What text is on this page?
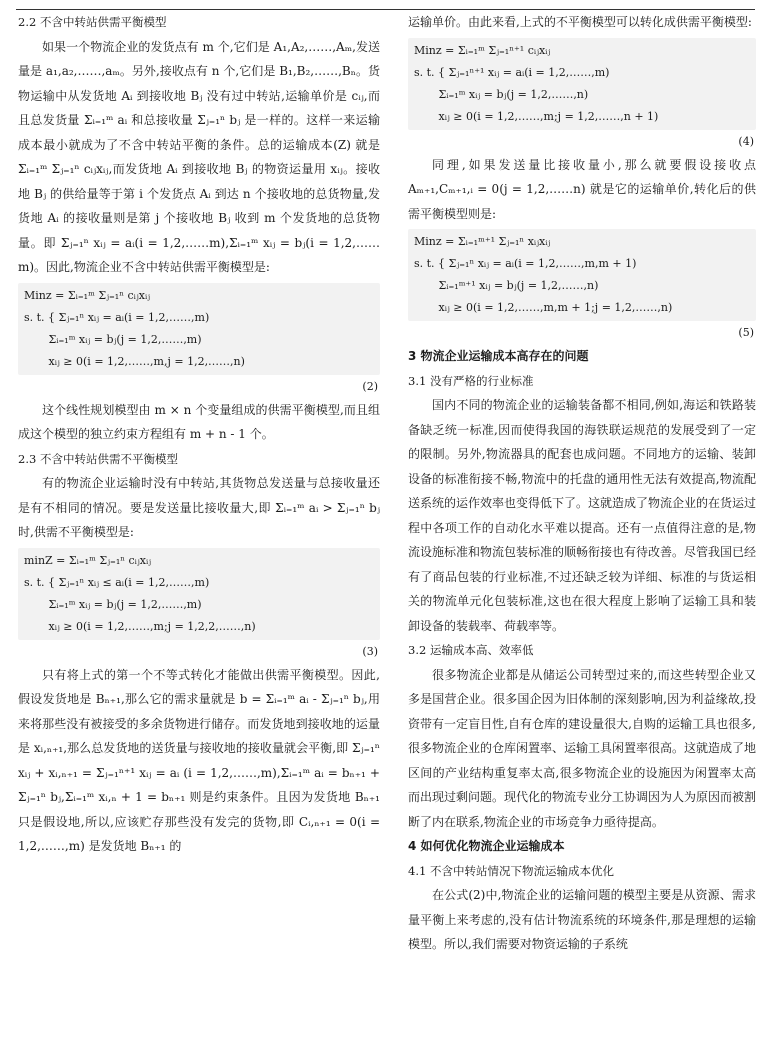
2.2 不含中转站供需平衡模型

如果一个物流企业的发货点有 m 个,它们是 A₁,A₂,……,Aₘ,发送量是 a₁,a₂,……,aₘ。另外,接收点有 n 个,它们是 B₁,B₂,……,Bₙ。货物运输中从发货地 Aᵢ 到接收地 Bⱼ 没有过中转站,运输单价是 cᵢⱼ,而且总发货量 Σᵢ₌₁ᵐ aᵢ 和总接收量 Σⱼ₌₁ⁿ bⱼ 是一样的。这样一来运输成本最小就成为了不含中转站平衡的条件。总的运输成本(Z) 就是 Σᵢ₌₁ᵐ Σⱼ₌₁ⁿ cᵢⱼxᵢⱼ,而发货地 Aᵢ 到接收地 Bⱼ 的物资运量用 xᵢⱼ。接收地 Bⱼ 的供给量等于第 i 个发货点 Aᵢ 到达 n 个接收地的总货物量,发货地 Aᵢ 的接收量则是第 j 个接收地 Bⱼ 收到 m 个发货地的总货物量。即 Σⱼ₌₁ⁿ xᵢⱼ = aᵢ(i = 1,2,……m),Σᵢ₌₁ᵐ xᵢⱼ = bⱼ(i = 1,2,……m)。因此,物流企业不含中转站供需平衡模型是:

Minz = Σᵢ₌₁ᵐ Σⱼ₌₁ⁿ cᵢⱼxᵢⱼ
s. t. { Σⱼ₌₁ⁿ xᵢⱼ = aᵢ(i = 1,2,……,m)
Σᵢ₌₁ᵐ xᵢⱼ = bⱼ(j = 1,2,……,m)
xᵢⱼ ≥ 0(i = 1,2,……,m,j = 1,2,……,n)
(2)

这个线性规划模型由 m × n 个变量组成的供需平衡模型,而且组成这个模型的独立约束方程组有 m + n - 1 个。

2.3 不含中转站供需不平衡模型

有的物流企业运输时没有中转站,其货物总发送量与总接收量还是有不相同的情况。要是发送量比接收量大,即 Σᵢ₌₁ᵐ aᵢ > Σⱼ₌₁ⁿ bⱼ 时,供需不平衡模型是:

minZ = Σᵢ₌₁ᵐ Σⱼ₌₁ⁿ cᵢⱼxᵢⱼ
s. t. { Σⱼ₌₁ⁿ xᵢⱼ ≤ aᵢ(i = 1,2,……,m)
Σᵢ₌₁ᵐ xᵢⱼ = bⱼ(j = 1,2,……,m)
xᵢⱼ ≥ 0(i = 1,2,……,m;j = 1,2,2,……,n)
(3)

只有将上式的第一个不等式转化才能做出供需平衡模型。因此,假设发货地是 Bₙ₊₁,那么它的需求量就是 b = Σᵢ₌₁ᵐ aᵢ - Σⱼ₌₁ⁿ bⱼ,用来将那些没有被接受的多余货物进行储存。而发货地到接收地的运量是 xᵢ,ₙ₊₁,那么总发货地的送货量与接收地的接收量就会平衡,即 Σⱼ₌₁ⁿ xᵢⱼ + xᵢ,ₙ₊₁ = Σⱼ₌₁ⁿ⁺¹ xᵢⱼ = aᵢ (i = 1,2,……,m),Σᵢ₌₁ᵐ aᵢ = bₙ₊₁ + Σⱼ₌₁ⁿ bⱼ,Σᵢ₌₁ᵐ xᵢ,ₙ + 1 = bₙ₊₁ 则是约束条件。且因为发货地 Bₙ₊₁ 只是假设地,所以,应该贮存那些没有发完的货物,即 Cᵢ,ₙ₊₁ = 0(i = 1,2,……,m) 是发货地 Bₙ₊₁ 的

运输单价。由此来看,上式的不平衡模型可以转化成供需平衡模型:

Minz = Σᵢ₌₁ᵐ Σⱼ₌₁ⁿ⁺¹ cᵢⱼxᵢⱼ
s. t. { Σⱼ₌₁ⁿ⁺¹ xᵢⱼ = aᵢ(i = 1,2,……,m)
Σᵢ₌₁ᵐ xᵢⱼ = bⱼ(j = 1,2,……,n)
xᵢⱼ ≥ 0(i = 1,2,……,m;j = 1,2,……,n + 1)
(4)

同理,如果发送量比接收量小,那么就要假设接收点 Aₘ₊₁,Cₘ₊₁,ᵢ = 0(j = 1,2,……n) 就是它的运输单价,转化后的供需平衡模型则是:

Minz = Σᵢ₌₁ᵐ⁺¹ Σⱼ₌₁ⁿ xᵢⱼxᵢⱼ
s. t. { Σⱼ₌₁ⁿ xᵢⱼ = aᵢ(i = 1,2,……,m,m + 1)
Σᵢ₌₁ᵐ⁺¹ xᵢⱼ = bⱼ(j = 1,2,……,n)
xᵢⱼ ≥ 0(i = 1,2,……,m,m + 1;j = 1,2,……,n)
(5)

3 物流企业运输成本高存在的问题

3.1 没有严格的行业标准

国内不同的物流企业的运输装备都不相同,例如,海运和铁路装备缺乏统一标准,因而使得我国的海铁联运规范的发展受到了一定的限制。另外,物流器具的配套也成问题。不同地方的运输、装卸设备的标准衔接不畅,物流中的托盘的通用性无法有效提高,物流配送系统的运作效率也变得低下了。这就造成了物流企业的在货运过程中各项工作的自动化水平难以提高。还有一点值得注意的是,物流设施标准和物流包装标准的顺畅衔接也有待改善。尽管我国已经有了商品包装的行业标准,不过还缺乏较为详细、标准的与货运相关的物流单元化包装标准,这也在很大程度上影响了运输工具和装卸设备的装载率、荷载率等。

3.2 运输成本高、效率低

很多物流企业都是从储运公司转型过来的,而这些转型企业又多是国营企业。很多国企因为旧体制的深刻影响,因为利益缘故,投资带有一定盲目性,自有仓库的建设量很大,自购的运输工具也很多,很多物流企业的仓库闲置率、运输工具闲置率很高。这就造成了地区间的产业结构重复率太高,很多物流企业的设施因为闲置率太高而出现过剩问题。现代化的物流专业分工协调因为人为原因而被割断了内在联系,物流企业的市场竞争力亟待提高。

4 如何优化物流企业运输成本

4.1 不含中转站情况下物流运输成本优化

在公式(2)中,物流企业的运输问题的模型主要是从资源、需求量平衡上来考虑的,没有估计物流系统的环境条件,那是理想的运输模型。所以,我们需要对物资运输的子系统
